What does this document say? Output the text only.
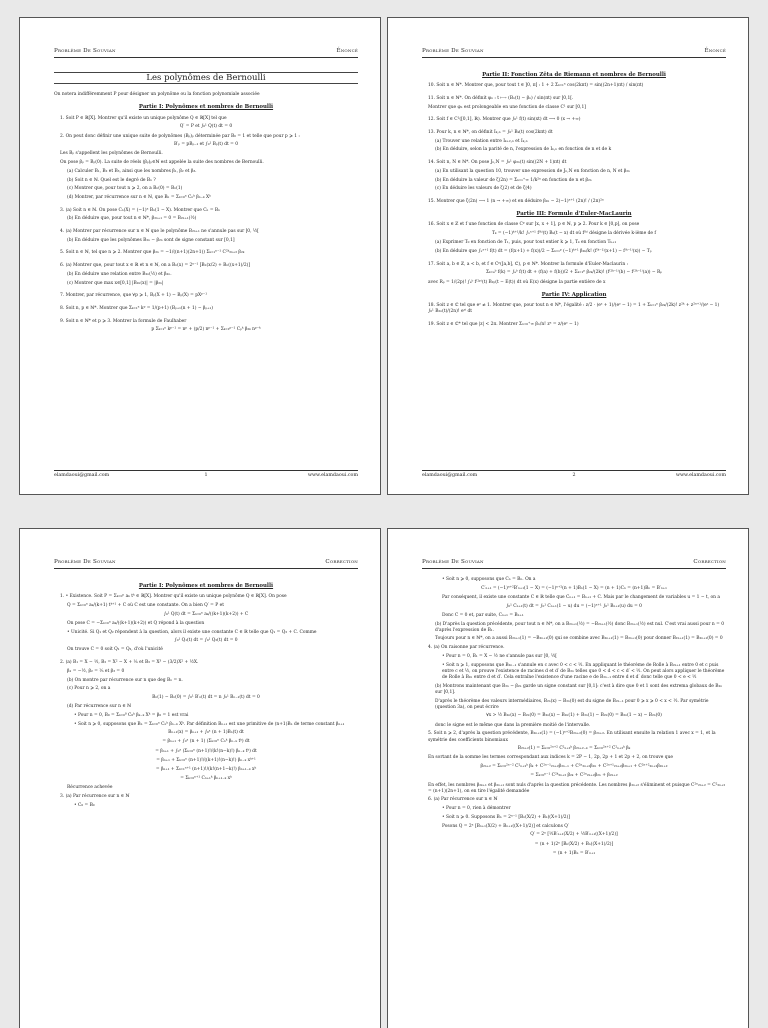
Problème De Souvian	Énoncé
Les polynômes de Bernoulli
On notera indifféremment P pour désigner un polynôme ou la fonction polynomiale associée
Partie I: Polynômes et nombres de Bernoulli
1. Soit P ∈ ℝ[X]. Montrer qu'il existe un unique polynôme Q ∈ ℝ[X] tel que
Q′ = P et ∫₀¹ Q(t) dt = 0
2. On peut donc définir une unique suite de polynômes (Bₚ)ₚ déterminée par B₀ = 1 et telle que pour p ⩾ 1 :
B′ₚ = pBₚ₋₁ et ∫₀¹ Bₚ(t) dt = 0
Les Bₚ s'appellent les polynômes de Bernoulli.
On pose βₚ = Bₚ(0). La suite de réels (βₚ)ₚ∈ℕ est appelée la suite des nombres de Bernoulli.
(a) Calculer B₁, B₂ et B₃, ainsi que les nombres β₁, β₂ et β₃.
(b) Soit n ∈ ℕ. Quel est le degré de Bₙ ?
(c) Montrer que, pour tout n ⩾ 2, on a Bₙ(0) = Bₙ(1)
(d) Montrer, par récurrence sur n ∈ ℕ, que Bₙ = Σₖ₌₀ⁿ Cₙᵏ βₙ₋ₖ Xᵏ
3. (a) Soit n ∈ ℕ. On pose Cₙ(X) = (−1)ⁿ Bₙ(1 − X). Montrer que Cₙ = Bₙ
(b) En déduire que, pour tout n ∈ ℕ*, β₂ₙ₊₁ = 0 = B₂ₙ₊₁(½)
4. (a) Montrer par récurrence sur n ∈ ℕ que le polynôme B₂ₙ₊₁ ne s'annule pas sur ]0, ½[
(b) En déduire que les polynômes B₂ₙ − β₂ₙ sont de signe constant sur [0,1]
5. Soit n ∈ ℕ, tel que n ⩾ 2. Montrer que β₂ₙ = −1/((n+1)(2n+1)) Σₖ₌₁ⁿ⁻¹ C²ᵏ₂ₙ₊₂ β₂ₖ
6. (a) Montrer que, pour tout x ∈ ℝ et n ∈ ℕ, on a Bₙ(x) = 2ⁿ⁻¹ [Bₙ(x/2) + Bₙ((x+1)/2)]
(b) En déduire une relation entre B₂ₙ(½) et β₂ₙ.
(c) Montrer que max x∈[0,1] |B₂ₙ(x)| = |β₂ₙ|
7. Montrer, par récurrence, que ∀p ⩾ 1, Bₚ(X + 1) − Bₚ(X) = pXᵖ⁻¹
8. Soit n, p ∈ ℕ*. Montrer que Σₖ₌₁ⁿ kᵖ = 1/(p+1) (Bₚ₊₁(n + 1) − βₚ₊₁)
9. Soit n ∈ ℕ* et p ⩾ 3. Montrer la formule de Faulhaber
p Σₖ₌₁ⁿ kᵖ⁻¹ = nᵖ + (p/2) nᵖ⁻¹ + Σₖ₌₂ᵖ⁻¹ Cₚᵏ β₂ₖ nᵖ⁻ᵏ
elamdaoui@gmail.com	1	www.elamdaoui.com
Problème De Souvian	Énoncé
Partie II: Fonction Zêta de Riemann et nombres de Bernoulli
10. Soit n ∈ ℕ*. Montrer que, pour tout t ∈ ]0, π[ : 1 + 2 Σₖ₌₁ⁿ cos(2kπt) = sin((2n+1)πt) / sin(πt)
11. Soit n ∈ ℕ*. On définit φₙ : t ⟼ (Bₙ(t) − βₙ) / sin(πt) sur ]0,1[.
Montrer que φₙ est prolongeable en une fonction de classe C¹ sur [0,1]
12. Soit f ∈ C¹([0,1], ℝ). Montrer que ∫₀¹ f(t) sin(xt) dt ⟶ 0 (x → +∞)
13. Pour k, n ∈ ℕ*, on définit Iₖ,ₙ = ∫₀¹ Bₖ(t) cos(2kπt) dt
(a) Trouver une relation entre Iₖ₊₂,ₙ et Iₖ,ₙ
(b) En déduire, selon la parité de n, l'expression de Iₖ,ₙ en fonction de n et de k
14. Soit n, N ∈ ℕ*. On pose Jₙ,N = ∫₀¹ φ₂ₙ(t) sin((2N + 1)πt) dt
(a) En utilisant la question 10, trouver une expression de Jₙ,N en fonction de n, N et β₂ₙ
(b) En déduire la valeur de ζ(2n) = Σₖ₌₁⁺∞ 1/k²ⁿ en fonction de n et β₂ₙ
(c) En déduire les valeurs de ζ(2) et de ζ(4)
15. Montrer que ζ(2n) ⟶ 1 (n → +∞) et en déduire β₂ₙ ∼ 2(−1)ⁿ⁺¹ (2n)! / (2π)²ⁿ
Partie III: Formule d'Euler-MacLaurin
16. Soit x ∈ ℤ et f une fonction de classe Cᵖ sur [x, x + 1], p ∈ ℕ, p ⩾ 2. Pour k ∈ [0,p], on pose
Tₖ = (−1)ᵏ⁺¹/k! ∫ₓˣ⁺¹ f⁽ᵏ⁾(t) Bₖ(t − x) dt où f⁽ᵏ⁾ désigne la dérivée k-ième de f
(a) Exprimer T₀ en fonction de T₁, puis, pour tout entier k ⩾ 1, Tₖ en fonction Tₖ₊₁
(b) En déduire que ∫ₓˣ⁺¹ f(t) dt = (f(x+1) + f(x))/2 − Σₖ₌₁ᵖ (−1)ᵏ⁺¹ β₂ₖ/k! (f⁽ᵏ⁻¹⁾(x+1) − f⁽ᵏ⁻¹⁾(x)) − Tₚ
17. Soit a, b ∈ ℤ, a < b, et f ∈ Cᵖ([a,b], ℂ), p ∈ ℕ*. Montrer la formule d'Euler-Maclaurin :
Σₖ₌ₐᵇ f(k) = ∫ₐᵇ f(t) dt + (f(a) + f(b))/2 + Σₖ₌₁ᵖ β₂ₖ/(2k)! (f⁽²ᵏ⁻¹⁾(b) − f⁽²ᵏ⁻¹⁾(a)) − Rₚ
avec Rₚ = 1/(2p)! ∫ₐᵇ f⁽²ᵖ⁾(t) B₂ₚ(t − E(t)) dt où E(x) désigne la partie entière de x
Partie IV: Application
18. Soit z ∈ ℂ tel que eᶻ ≠ 1. Montrer que, pour tout n ∈ ℕ*, l'égalité : z/2 · (eᶻ + 1)/(eᶻ − 1) = 1 + Σₖ₌₁ⁿ β₂ₖ/(2k)! z²ᵏ + z²ⁿ⁺¹/(eᶻ − 1) ∫₀¹ B₂ₙ(t)/(2n)! eᶻᵗ dt
19. Soit z ∈ ℂ* tel que |z| < 2π. Montrer Σₙ₌₀⁺∞ βₙ/n! zⁿ = z/(eᶻ − 1)
elamdaoui@gmail.com	2	www.elamdaoui.com
Problème De Souvian	Correction
Partie I: Polynômes et nombres de Bernoulli
1. • Existence. Soit P = Σₖ₌₀ⁿ aₖ tᵏ ∈ ℝ[X]. Montrer qu'il existe un unique polynôme Q ∈ ℝ[X]. On pose
Q = Σₖ₌₀ⁿ aₖ/(k+1) tᵏ⁺¹ + C où C est une constante. On a bien Q′ = P et
∫₀¹ Q(t) dt = Σₖ₌₀ⁿ aₖ/((k+1)(k+2)) + C
On pose C = −Σₖ₌₀ⁿ aₖ/((k+1)(k+2)) et Q répond à la question
• Unicité. Si Q₁ et Q₂ répondent à la question, alors il existe une constante C ∈ ℝ telle que Q₁ = Q₂ + C. Comme
∫₀¹ Q₁(t) dt = ∫₀¹ Q₂(t) dt = 0
On trouve C = 0 soit Q₁ = Q₂, d'où l'unicité
2. (a) B₁ = X − ½, B₂ = X² − X + ⅙ et B₃ = X³ − (3/2)X² + ½X.
β₁ = −½, β₂ = ⅙ et β₃ = 0
(b) On montre par récurrence sur n que deg Bₙ = n.
(c) Pour n ⩾ 2, on a
Bₙ(1) − Bₙ(0) = ∫₀¹ B′ₙ(t) dt = n ∫₀¹ Bₙ₋₁(t) dt = 0
(d) Par récurrence sur n ∈ ℕ
• Pour n = 0, B₀ = Σₖ₌₀⁰ C₀ᵏ βₖ₋ₖ Xᵏ = β₀ = 1 est vrai
• Soit n ⩾ 0, supposons que Bₙ = Σₖ₌₀ⁿ Cₙᵏ βₙ₋ₖ Xᵏ. Par définition Bₙ₊₁ est une primitive de (n+1)Bₙ de terme constant βₙ₊₁
Bₙ₊₁(x) = βₙ₊₁ + ∫₀ˣ (n + 1)Bₙ(t) dt
= βₙ₊₁ + ∫₀ˣ (n + 1) (Σₖ₌₀ⁿ Cₙᵏ βₙ₋ₖ tᵏ) dt
= βₙ₊₁ + ∫₀ˣ (Σₖ₌₀ⁿ (n+1)!/(k!(n−k)!) βₙ₋ₖ tᵏ) dt
= βₙ₊₁ + Σₖ₌₀ⁿ (n+1)!/((k+1)!(n−k)!) βₙ₋ₖ xᵏ⁺¹
= βₙ₊₁ + Σₖ₌₁ⁿ⁺¹ (n+1)!/(k!(n+1−k)!) βₙ₊₁₋ₖ xᵏ
= Σₖ₌₀ⁿ⁺¹ Cₙ₊₁ᵏ βₙ₊₁₋ₖ xᵏ
Récurrence achevée
3. (a) Par récurrence sur n ∈ ℕ
• C₀ = B₀
Problème De Souvian	Correction
• Soit n ⩾ 0, supposons que Cₙ = Bₙ. On a
C′ₙ₊₁ = (−1)ⁿ⁺²B′ₙ₊₁(1 − X) = (−1)ⁿ⁺²(n + 1)Bₙ(1 − X) = (n + 1)Cₙ = (n+1)Bₙ = B′ₙ₊₁
Par conséquent, il existe une constante C ∈ ℝ telle que Cₙ₊₁ = Bₙ₊₁ + C. Mais par le changement de variables u = 1 − t, on a
∫₀¹ Cₙ₊₁(t) dt = ∫₀¹ Cₙ₊₁(1 − u) du = (−1)ⁿ⁺¹ ∫₀¹ Bₙ₊₁(u) du = 0
Donc C = 0 et, par suite, Cₙ₊₁ = Bₙ₊₁
(b) D'après la question précédente, pour tout n ∈ ℕ*, on a B₂ₙ₊₁(½) = −B₂ₙ₊₁(½) donc B₂ₙ₊₁(½) est nul. C'est vrai aussi pour n = 0 d'après l'expression de B₁.
Toujours pour n ∈ ℕ*, on a aussi B₂ₙ₊₁(1) = −B₂ₙ₊₁(0) qui se combine avec B₂ₙ₊₁(1) = B₂ₙ₊₁(0) pour donner B₂ₙ₊₁(1) = B₂ₙ₊₁(0) = 0
4. (a) On raisonne par récurrence.
• Pour n = 0, B₁ = X − ½ ne s'annule pas sur ]0, ½[
• Soit n ⩾ 1, supposons que B₂ₙ₋₁ s'annule en c avec 0 < c < ½. En appliquant le théorème de Rolle à B₂ₙ₊₁ entre 0 et c puis entre c et ½, on prouve l'existence de racines d et d′ de B₂ₙ telles que 0 < d < c < d′ < ½. On peut alors appliquer le théorème de Rolle à B₂ₙ entre d et d′. Cela entraîne l'existence d'une racine e de B₂ₙ₋₁ entre d et d′ donc telle que 0 < e < ½
(b) Montrons maintenant que B₂ₙ − β₂ₙ garde un signe constant sur [0,1]: c'est à dire que 0 et 1 sont des extrema globaux de B₂ₙ sur [0,1].
D'après le théorème des valeurs intermédiaires, B₂ₙ(x) − B₂ₙ(0) est du signe de B₂ₙ₋₁ pour 0 ⩾ x ⩾ 0 < x < ½. Par symétrie (question 3a), on peut écrire
∀x > ½ B₂ₙ(x) − B₂ₙ(0) = B₂ₙ(x) − B₂ₙ(1) + B₂ₙ(1) − B₂ₙ(0) = B₂ₙ(1 − x) − B₂ₙ(0)
donc le signe est le même que dans la première moitié de l'intervalle.
5. Soit n ⩾ 2, d'après la question précédente, B₂ₙ₊₂(1) = (−1)ⁿ⁺²B₂ₙ₊₂(0) = β₂ₙ₊₂. En utilisant ensuite la relation 1 avec x = 1, et la symétrie des coefficients binomiaux
B₂ₙ₊₂(1) = Σₖ₌₀²ⁿ⁺² C²ₙ₊₂ᵏ β₂ₙ₊₂₋ₖ = Σₖ₌₀²ⁿ⁺² C²ₙ₊₂ᵏ βₖ
En sortant de la somme les termes correspondant aux indices k = 2P − 1, 2p, 2p + 1 et 2p + 2, on trouve que
β₂ₙ₊₂ = Σₖ₌₀²ⁿ⁻² C²ₙ₊₂ᵏ βₖ + C²ⁿ⁻¹₂ₙ₊₂β₂ₙ₋₁ + C²ⁿ₂ₙ₊₂β₂ₙ + C²ⁿ⁺¹₂ₙ₊₂β₂ₙ₊₁ + C²ⁿ⁺²₂ₙ₊₂β₂ₙ₊₂
= Σₖ₌₀ⁿ⁻¹ C²ᵏ₂ₙ₊₂ β₂ₖ + C²ⁿ₂ₙ₊₂β₂ₙ + β₂ₙ₊₂
En effet, les nombres β₂ₖ₊₁ et β₂ₙ₊₁ sont nuls d'après la question précédente. Les nombres β₂ₙ₊₂ s'éliminent et puisque C²ⁿ₂ₙ₊₂ = C²₂ₙ₊₂ = (n+1)(2n+1), on en tire l'égalité demandée
6. (a) Par récurrence sur n ∈ ℕ
• Pour n = 0, rien à démontrer
• Soit n ⩾ 0. Supposons Bₙ = 2ⁿ⁻¹ [Bₙ(X/2) + Bₙ((X+1)/2)]
Posons Q = 2ⁿ [Bₙ₊₁(X/2) + Bₙ₊₁((X+1)/2)] et calculons Q′
Q′ = 2ⁿ [½B′ₙ₊₁(X/2) + ½B′ₙ₊₁((X+1)/2)]
= (n + 1)2ⁿ [Bₙ(X/2) + Bₙ((X+1)/2)]
= (n + 1)Bₙ = B′ₙ₊₁
